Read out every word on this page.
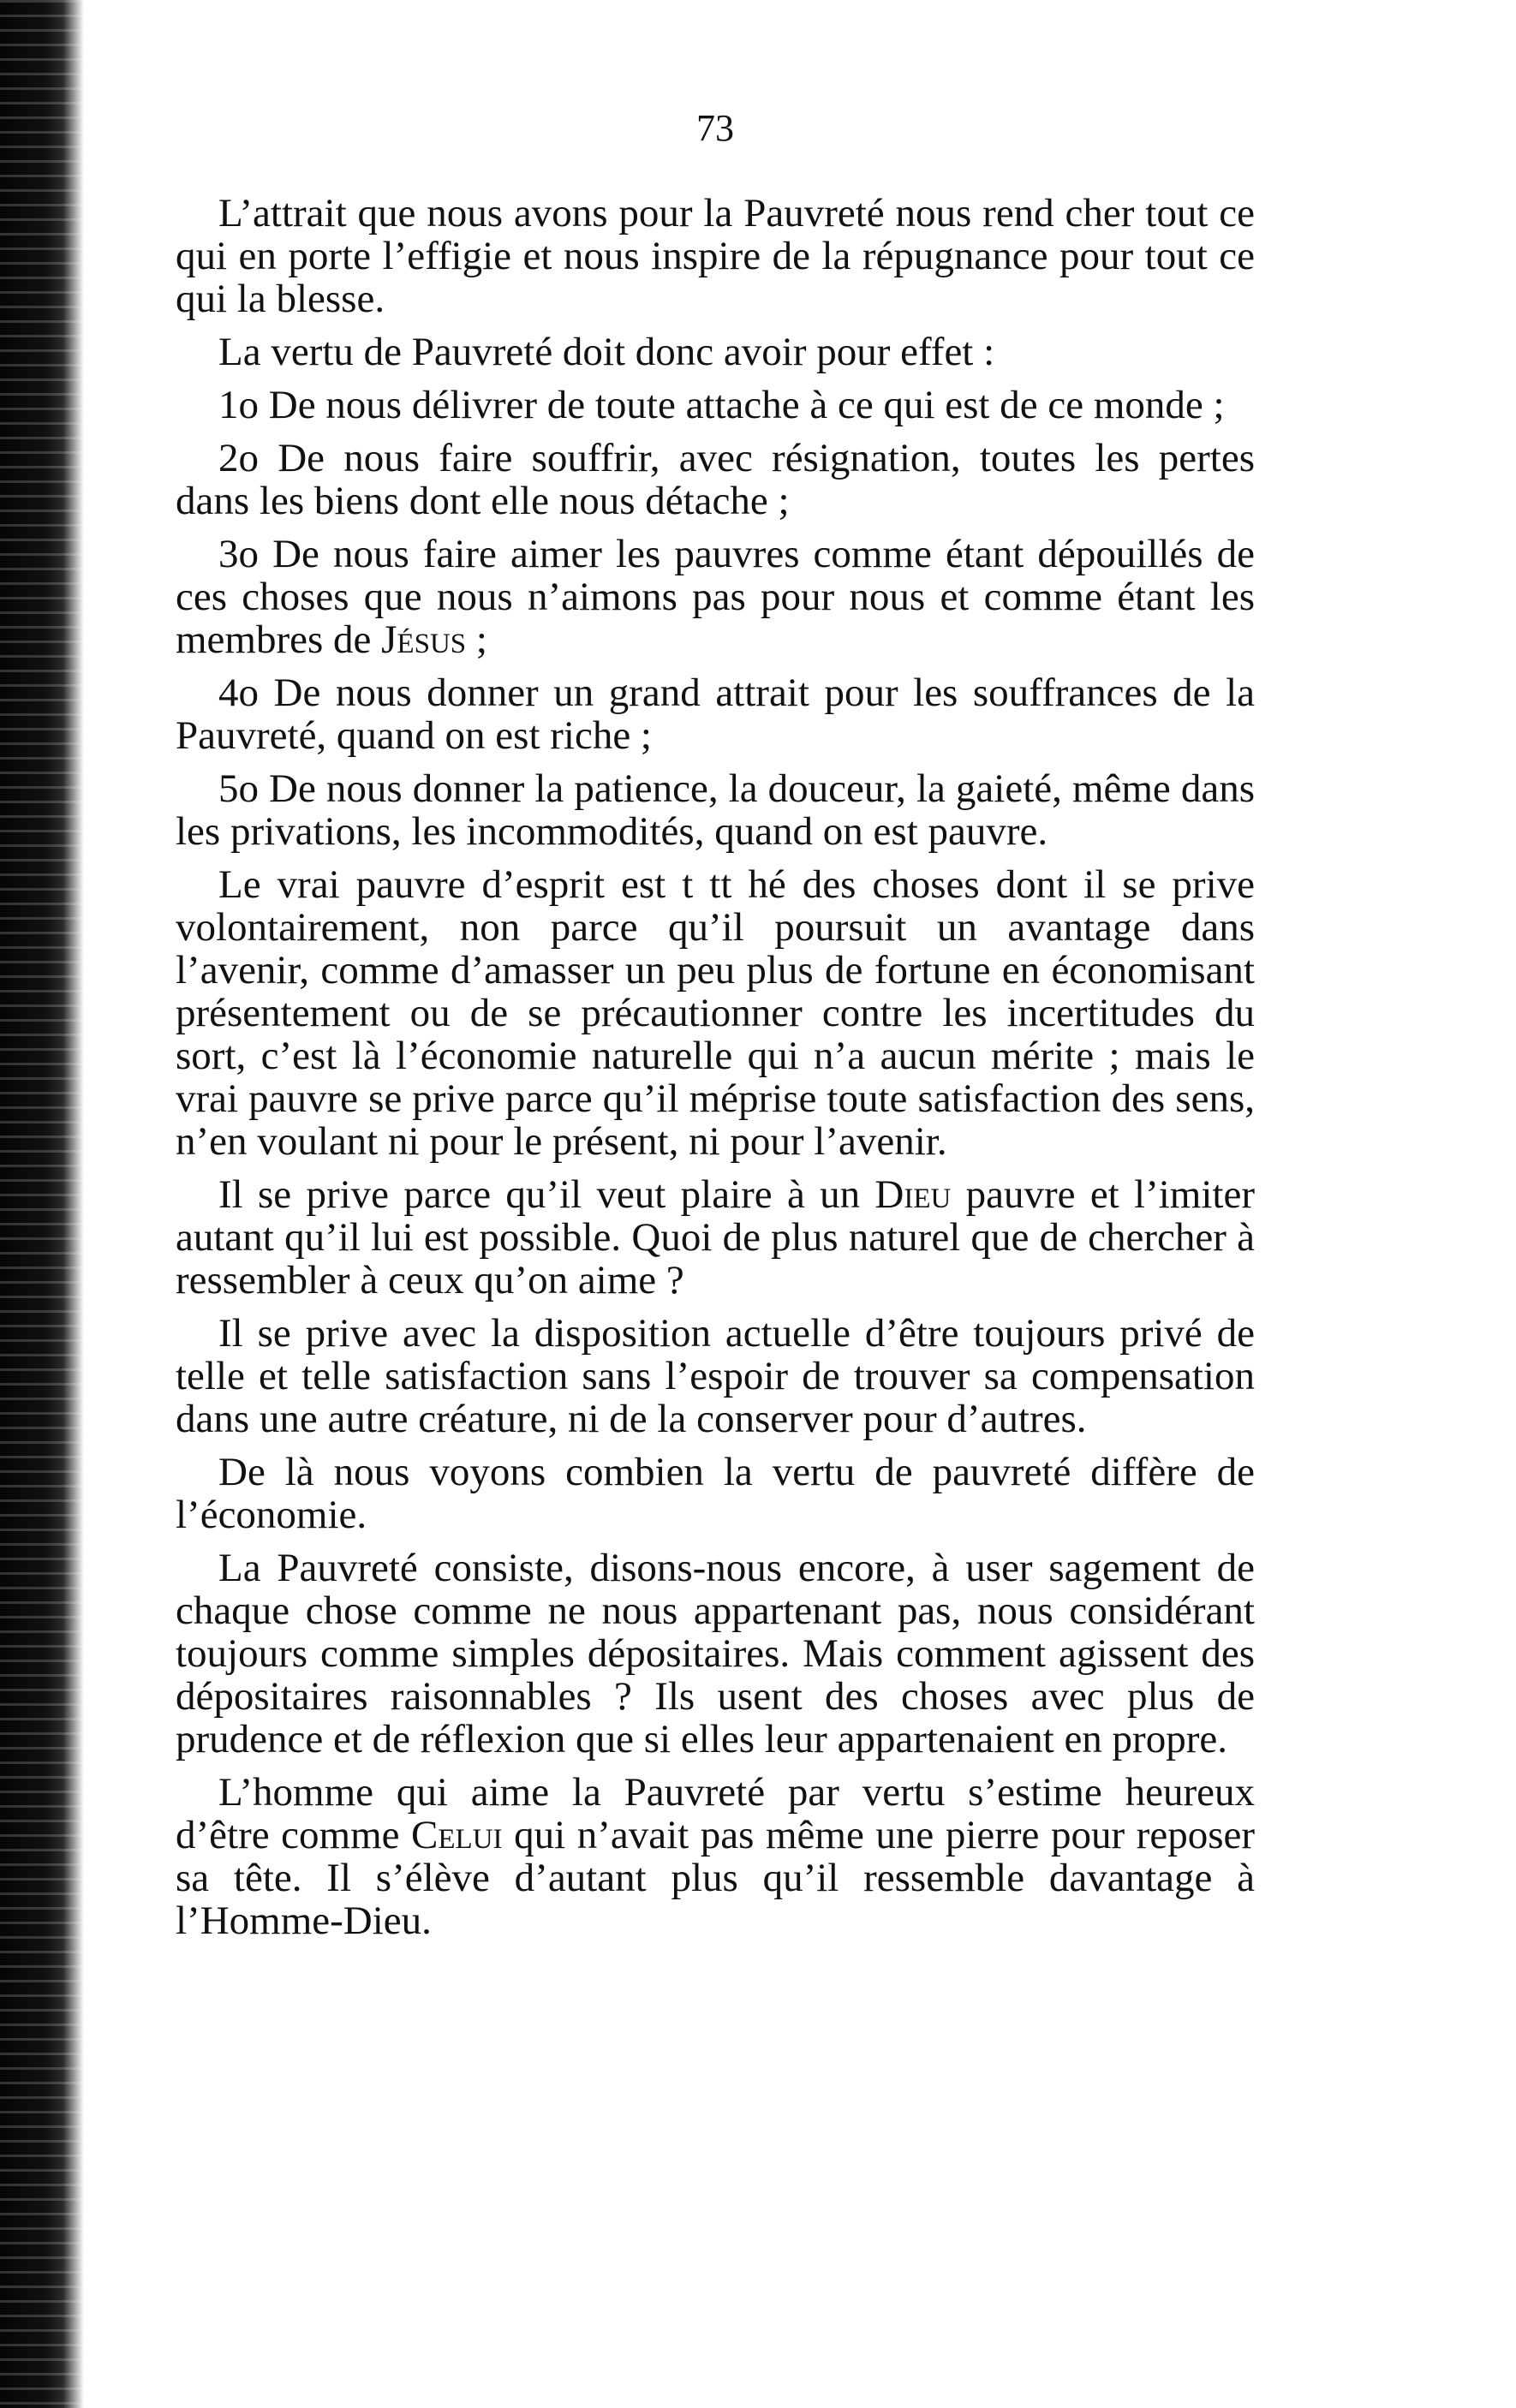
73

L’attrait que nous avons pour la Pauvreté nous rend cher tout ce qui en porte l’effigie et nous inspire de la répugnance pour tout ce qui la blesse.

La vertu de Pauvreté doit donc avoir pour effet :

1o De nous délivrer de toute attache à ce qui est de ce monde ;

2o De nous faire souffrir, avec résignation, toutes les pertes dans les biens dont elle nous détache ;

3o De nous faire aimer les pauvres comme étant dépouillés de ces choses que nous n’aimons pas pour nous et comme étant les membres de Jésus ;

4o De nous donner un grand attrait pour les souffrances de la Pauvreté, quand on est riche ;

5o De nous donner la patience, la douceur, la gaieté, même dans les privations, les incommodités, quand on est pauvre.

Le vrai pauvre d’esprit est t tt hé des choses dont il se prive volontairement, non parce qu’il poursuit un avantage dans l’avenir, comme d’amasser un peu plus de fortune en économisant présentement ou de se précautionner contre les incertitudes du sort, c’est là l’économie naturelle qui n’a aucun mérite ; mais le vrai pauvre se prive parce qu’il méprise toute satisfaction des sens, n’en voulant ni pour le présent, ni pour l’avenir.

Il se prive parce qu’il veut plaire à un Dieu pauvre et l’imiter autant qu’il lui est possible. Quoi de plus naturel que de chercher à ressembler à ceux qu’on aime ?

Il se prive avec la disposition actuelle d’être toujours privé de telle et telle satisfaction sans l’espoir de trouver sa compensation dans une autre créature, ni de la conserver pour d’autres.

De là nous voyons combien la vertu de pauvreté diffère de l’économie.

La Pauvreté consiste, disons-nous encore, à user sagement de chaque chose comme ne nous appartenant pas, nous considérant toujours comme simples dépositaires. Mais comment agissent des dépositaires raisonnables ? Ils usent des choses avec plus de prudence et de réflexion que si elles leur appartenaient en propre.

L’homme qui aime la Pauvreté par vertu s’estime heureux d’être comme Celui qui n’avait pas même une pierre pour reposer sa tête. Il s’élève d’autant plus qu’il ressemble davantage à l’Homme-Dieu.
